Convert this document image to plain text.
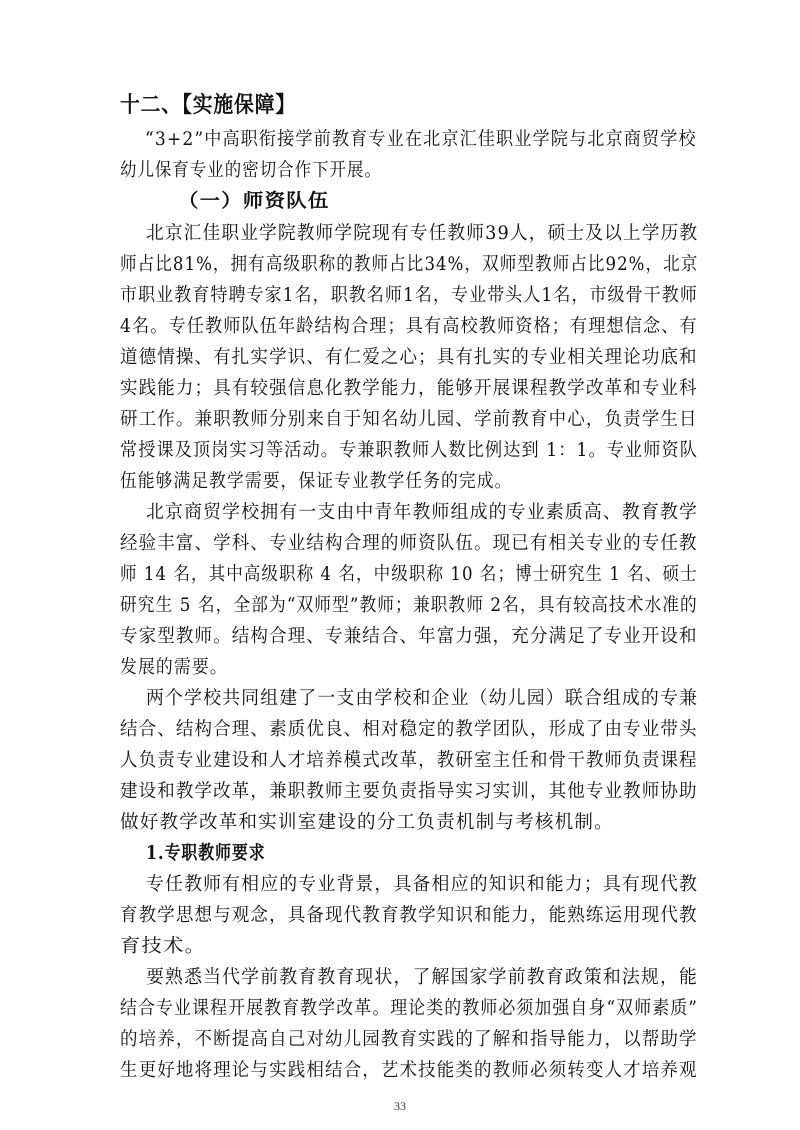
十二、【实施保障】
“3+2”中高职衔接学前教育专业在北京汇佳职业学院与北京商贸学校
幼儿保育专业的密切合作下开展。
（一）师资队伍
北京汇佳职业学院教师学院现有专任教师39人，硕士及以上学历教
师占比81%，拥有高级职称的教师占比34%，双师型教师占比92%，北京
市职业教育特聘专家1名，职教名师1名，专业带头人1名，市级骨干教师
4名。专任教师队伍年龄结构合理；具有高校教师资格；有理想信念、有
道德情操、有扎实学识、有仁爱之心；具有扎实的专业相关理论功底和
实践能力；具有较强信息化教学能力，能够开展课程教学改革和专业科
研工作。兼职教师分别来自于知名幼儿园、学前教育中心，负责学生日
常授课及顶岗实习等活动。专兼职教师人数比例达到 1：1。专业师资队
伍能够满足教学需要，保证专业教学任务的完成。
北京商贸学校拥有一支由中青年教师组成的专业素质高、教育教学
经验丰富、学科、专业结构合理的师资队伍。现已有相关专业的专任教
师 14 名，其中高级职称 4 名，中级职称 10 名；博士研究生 1 名、硕士
研究生 5 名，全部为“双师型”教师；兼职教师 2名，具有较高技术水准的
专家型教师。结构合理、专兼结合、年富力强，充分满足了专业开设和
发展的需要。
两个学校共同组建了一支由学校和企业（幼儿园）联合组成的专兼
结合、结构合理、素质优良、相对稳定的教学团队，形成了由专业带头
人负责专业建设和人才培养模式改革，教研室主任和骨干教师负责课程
建设和教学改革，兼职教师主要负责指导实习实训，其他专业教师协助
做好教学改革和实训室建设的分工负责机制与考核机制。
1.专职教师要求
专任教师有相应的专业背景，具备相应的知识和能力；具有现代教
育教学思想与观念，具备现代教育教学知识和能力，能熟练运用现代教
育技术。
要熟悉当代学前教育教育现状，了解国家学前教育政策和法规，能
结合专业课程开展教育教学改革。理论类的教师必须加强自身“双师素质”
的培养，不断提高自己对幼儿园教育实践的了解和指导能力，以帮助学
生更好地将理论与实践相结合，艺术技能类的教师必须转变人才培养观
33
